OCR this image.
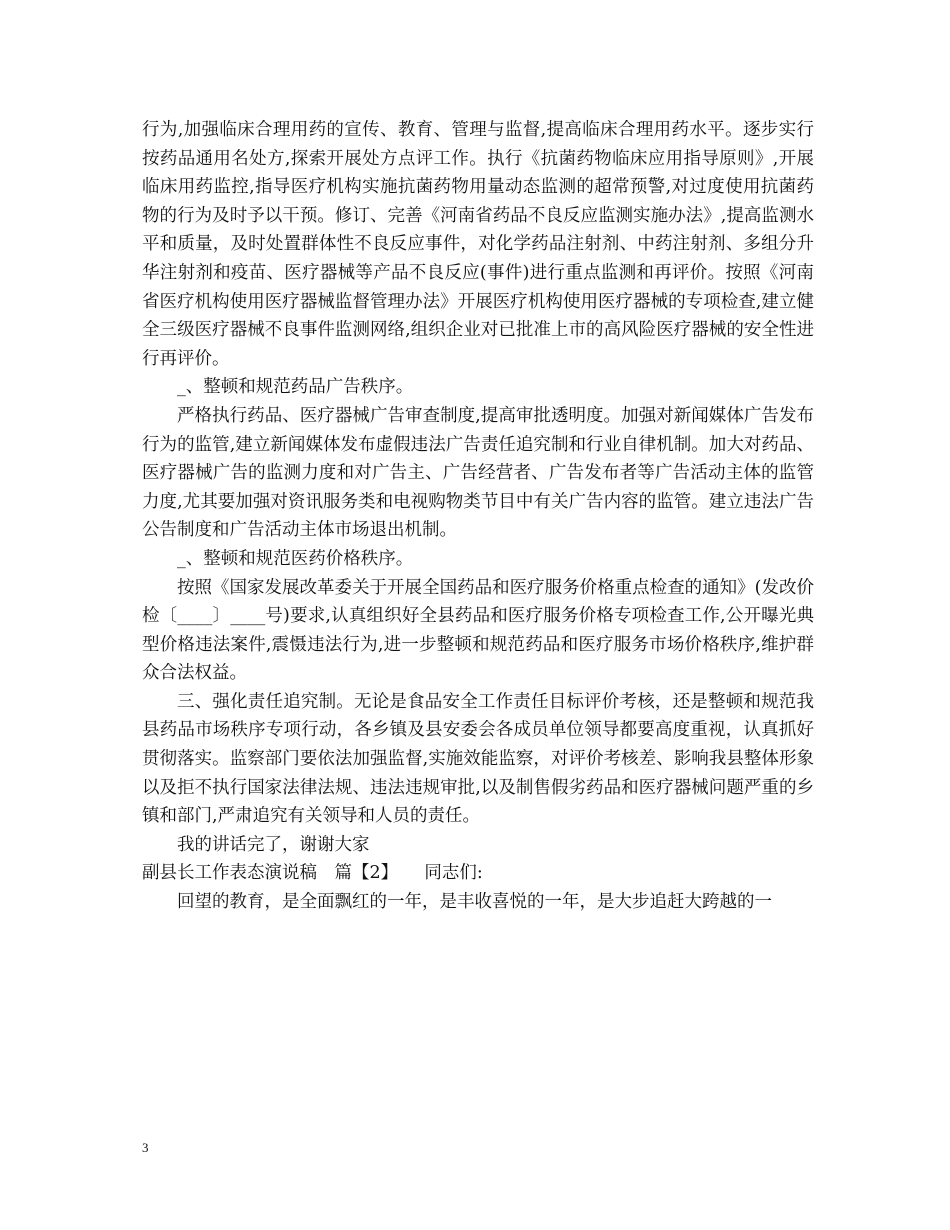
行为,加强临床合理用药的宣传、教育、管理与监督,提高临床合理用药水平。逐步实行按药品通用名处方,探索开展处方点评工作。执行《抗菌药物临床应用指导原则》,开展临床用药监控,指导医疗机构实施抗菌药物用量动态监测的超常预警,对过度使用抗菌药物的行为及时予以干预。修订、完善《河南省药品不良反应监测实施办法》,提高监测水平和质量，及时处置群体性不良反应事件，对化学药品注射剂、中药注射剂、多组分升华注射剂和疫苗、医疗器械等产品不良反应(事件)进行重点监测和再评价。按照《河南省医疗机构使用医疗器械监督管理办法》开展医疗机构使用医疗器械的专项检查,建立健全三级医疗器械不良事件监测网络,组织企业对已批准上市的高风险医疗器械的安全性进行再评价。

_、整顿和规范药品广告秩序。

严格执行药品、医疗器械广告审查制度,提高审批透明度。加强对新闻媒体广告发布行为的监管,建立新闻媒体发布虚假违法广告责任追究制和行业自律机制。加大对药品、医疗器械广告的监测力度和对广告主、广告经营者、广告发布者等广告活动主体的监管力度,尤其要加强对资讯服务类和电视购物类节目中有关广告内容的监管。建立违法广告公告制度和广告活动主体市场退出机制。

_、整顿和规范医药价格秩序。

按照《国家发展改革委关于开展全国药品和医疗服务价格重点检查的通知》(发改价检〔____〕____号)要求,认真组织好全县药品和医疗服务价格专项检查工作,公开曝光典型价格违法案件,震慑违法行为,进一步整顿和规范药品和医疗服务市场价格秩序,维护群众合法权益。

三、强化责任追究制。无论是食品安全工作责任目标评价考核，还是整顿和规范我县药品市场秩序专项行动，各乡镇及县安委会各成员单位领导都要高度重视，认真抓好贯彻落实。监察部门要依法加强监督,实施效能监察，对评价考核差、影响我县整体形象以及拒不执行国家法律法规、违法违规审批,以及制售假劣药品和医疗器械问题严重的乡镇和部门,严肃追究有关领导和人员的责任。

我的讲话完了，谢谢大家

副县长工作表态演说稿　篇【2】　　同志们:

回望的教育，是全面飘红的一年，是丰收喜悦的一年，是大步追赶大跨越的一

3
